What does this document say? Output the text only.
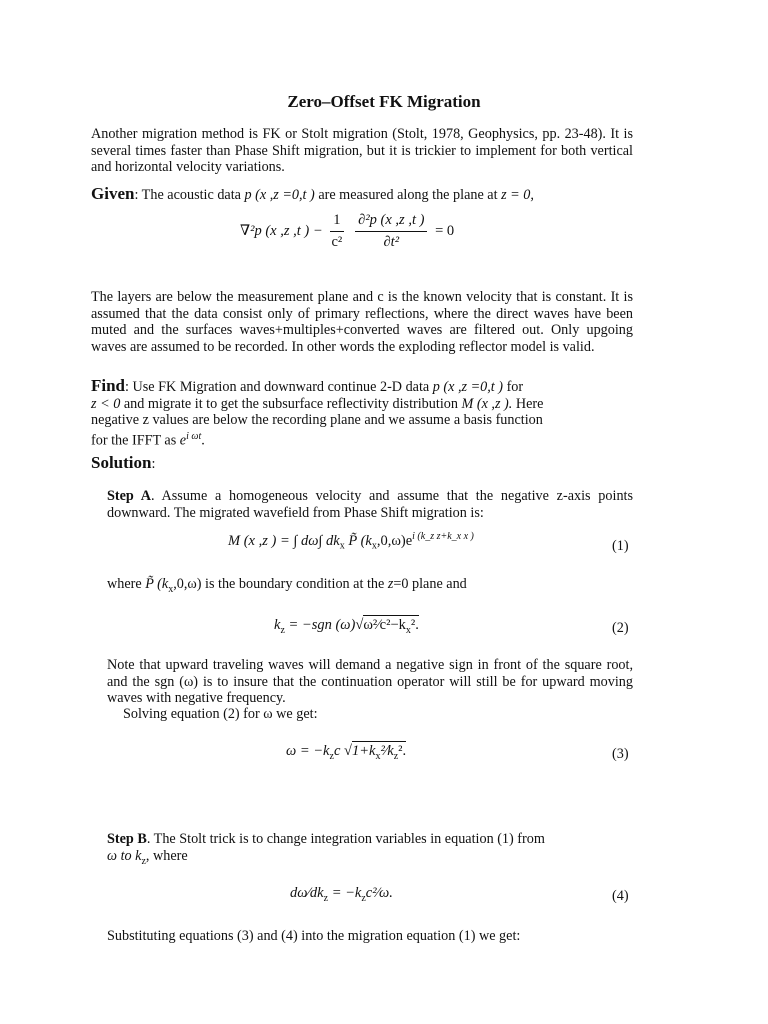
Zero–Offset FK Migration
Another migration method is FK or Stolt migration (Stolt, 1978, Geophysics, pp. 23-48). It is several times faster than Phase Shift migration, but it is trickier to implement for both vertical and horizontal velocity variations.
Given: The acoustic data p (x ,z =0,t ) are measured along the plane at z = 0,
∇²p (x ,z ,t ) − $\frac{1}{\text{c²}}$
$\frac{\text{∂²p (x ,z ,t )}}{\text{∂t²}} = 0$
The layers are below the measurement plane and c is the known velocity that is constant. It is assumed that the data consist only of primary reflections, where the direct waves have been muted and the surfaces waves+multiples+converted waves are filtered out. Only upgoing waves are assumed to be recorded. In other words the exploding reflector model is valid.
Find: Use FK Migration and downward continue 2-D data p (x ,z =0,t ) for
z < 0 and migrate it to get the subsurface reflectivity distribution M (x ,z ). Here
negative z values are below the recording plane and we assume a basis function
for the IFFT as $e^{i \omega t}$.
Solution:
Step A. Assume a homogeneous velocity and assume that the negative z-axis points downward. The migrated wavefield from Phase Shift migration is:
M (x ,z ) = ∫ dω∫ $dk_x$ P̃ $(k_x,0,\omega)e^{i (k\_z z+k\_x x )}$
(1)
where P̃ $(k_x,0,\omega)$ is the boundary condition at the z=0 plane and
$k_z = -sgn$ $(\omega)√\omega^2⁄c^2-k_x^2$.	(2)
Note that upward traveling waves will demand a negative sign in front of the square root, and the sgn (ω) is to insure that the continuation operator will still be for upward moving waves with negative frequency.
Solving equation (2) for ω we get:
$\omega = -k_zc$ $√1+k_x^2⁄k_z^2$.	(3)
Step B. The Stolt trick is to change integration variables in equation (1) from
ω to $k_z$, where
$d\omega⁄dk_z$ = $-k_zc^2⁄\omega$.	(4)
Substituting equations (3) and (4) into the migration equation (1) we get:
